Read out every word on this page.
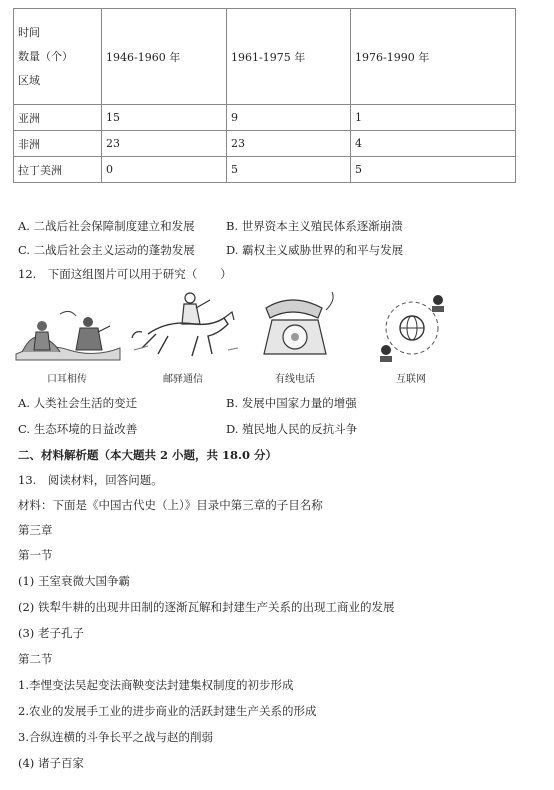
时间
数量（个）
区域	1946-1960 年	1961-1975 年	1976-1990 年
亚洲	15	9	1
非洲	23	23	4
拉丁美洲	0	5	5
A. 二战后社会保障制度建立和发展	B. 世界资本主义殖民体系逐渐崩溃
C. 二战后社会主义运动的蓬勃发展	D. 霸权主义威胁世界的和平与发展
12.　下面这组图片可以用于研究（　　）
口耳相传	邮驿通信	有线电话	互联网
A. 人类社会生活的变迁	B. 发展中国家力量的增强
C. 生态环境的日益改善	D. 殖民地人民的反抗斗争
二、材料解析题（本大题共 2 小题，共 18.0 分）
13.　阅读材料，回答问题。
材料：下面是《中国古代史（上）》目录中第三章的子目名称
第三章
第一节
(1) 王室衰微大国争霸
(2) 铁犁牛耕的出现井田制的逐渐瓦解和封建生产关系的出现工商业的发展
(3) 老子孔子
第二节
1.李悝变法吴起变法商鞅变法封建集权制度的初步形成
2.农业的发展手工业的进步商业的活跃封建生产关系的形成
3.合纵连横的斗争长平之战与赵的削弱
(4) 诸子百家
